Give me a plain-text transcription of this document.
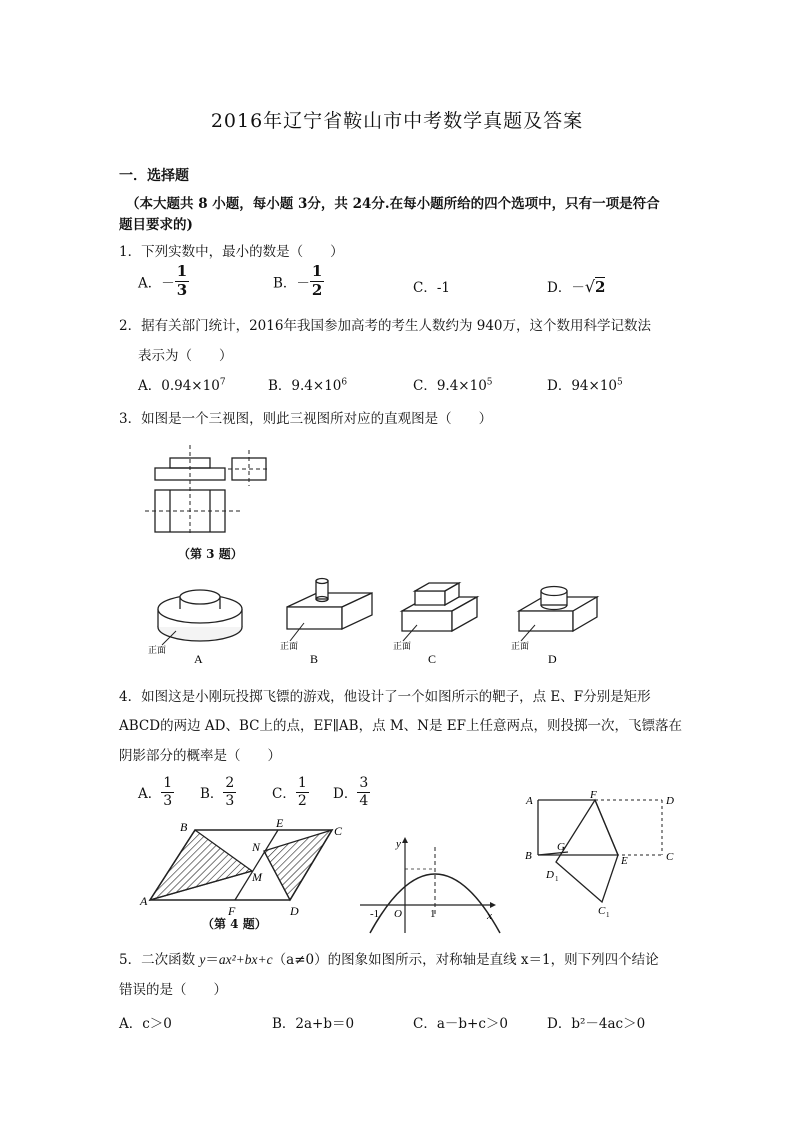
2016年辽宁省鞍山市中考数学真题及答案
一．选择题
（本大题共 8 小题，每小题 3分，共 24分.在每小题所给的四个选项中，只有一项是符合
题目要求的)
1．下列实数中，最小的数是（　　）
A．－ $\frac{1}{3}$	B．－ $\frac{1}{2}$	C．-1	D．－√2
2．据有关部门统计，2016年我国参加高考的考生人数约为 940万，这个数用科学记数法
表示为（　　）
A．$0.94\times 10^7$	B．$9.4\times 10^6$	C．$9.4\times 10^5$	D．$94\times 10^5$
3．如图是一个三视图，则此三视图所对应的直观图是（　　）
（第 3 题）
正面
A
正面
B
正面
C
正面
D
4．如图这是小刚玩投掷飞镖的游戏，他设计了一个如图所示的靶子，点 E、F分别是矩形
ABCD的两边 AD、BC上的点，EF∥AB，点 M、N是 EF上任意两点，则投掷一次，飞镖落在
阴影部分的概率是（　　）
A． $\frac{1}{3}$ B． $\frac{2}{3}$	C． $\frac{1}{2}$ D． $\frac{3}{4}$
A
B	C
D
E
F
M
N
（第 4 题）
y
x
O
-1	1
A	F	D
B
G
E	C
D 1
C 1
5．二次函数 y＝ax²+bx+c（a≠0）的图象如图所示，对称轴是直线 x＝1，则下列四个结论
错误的是（　　）
A．c＞0	B．2a+b＝0	C．a－b+c＞0	D．b²－4ac＞0
